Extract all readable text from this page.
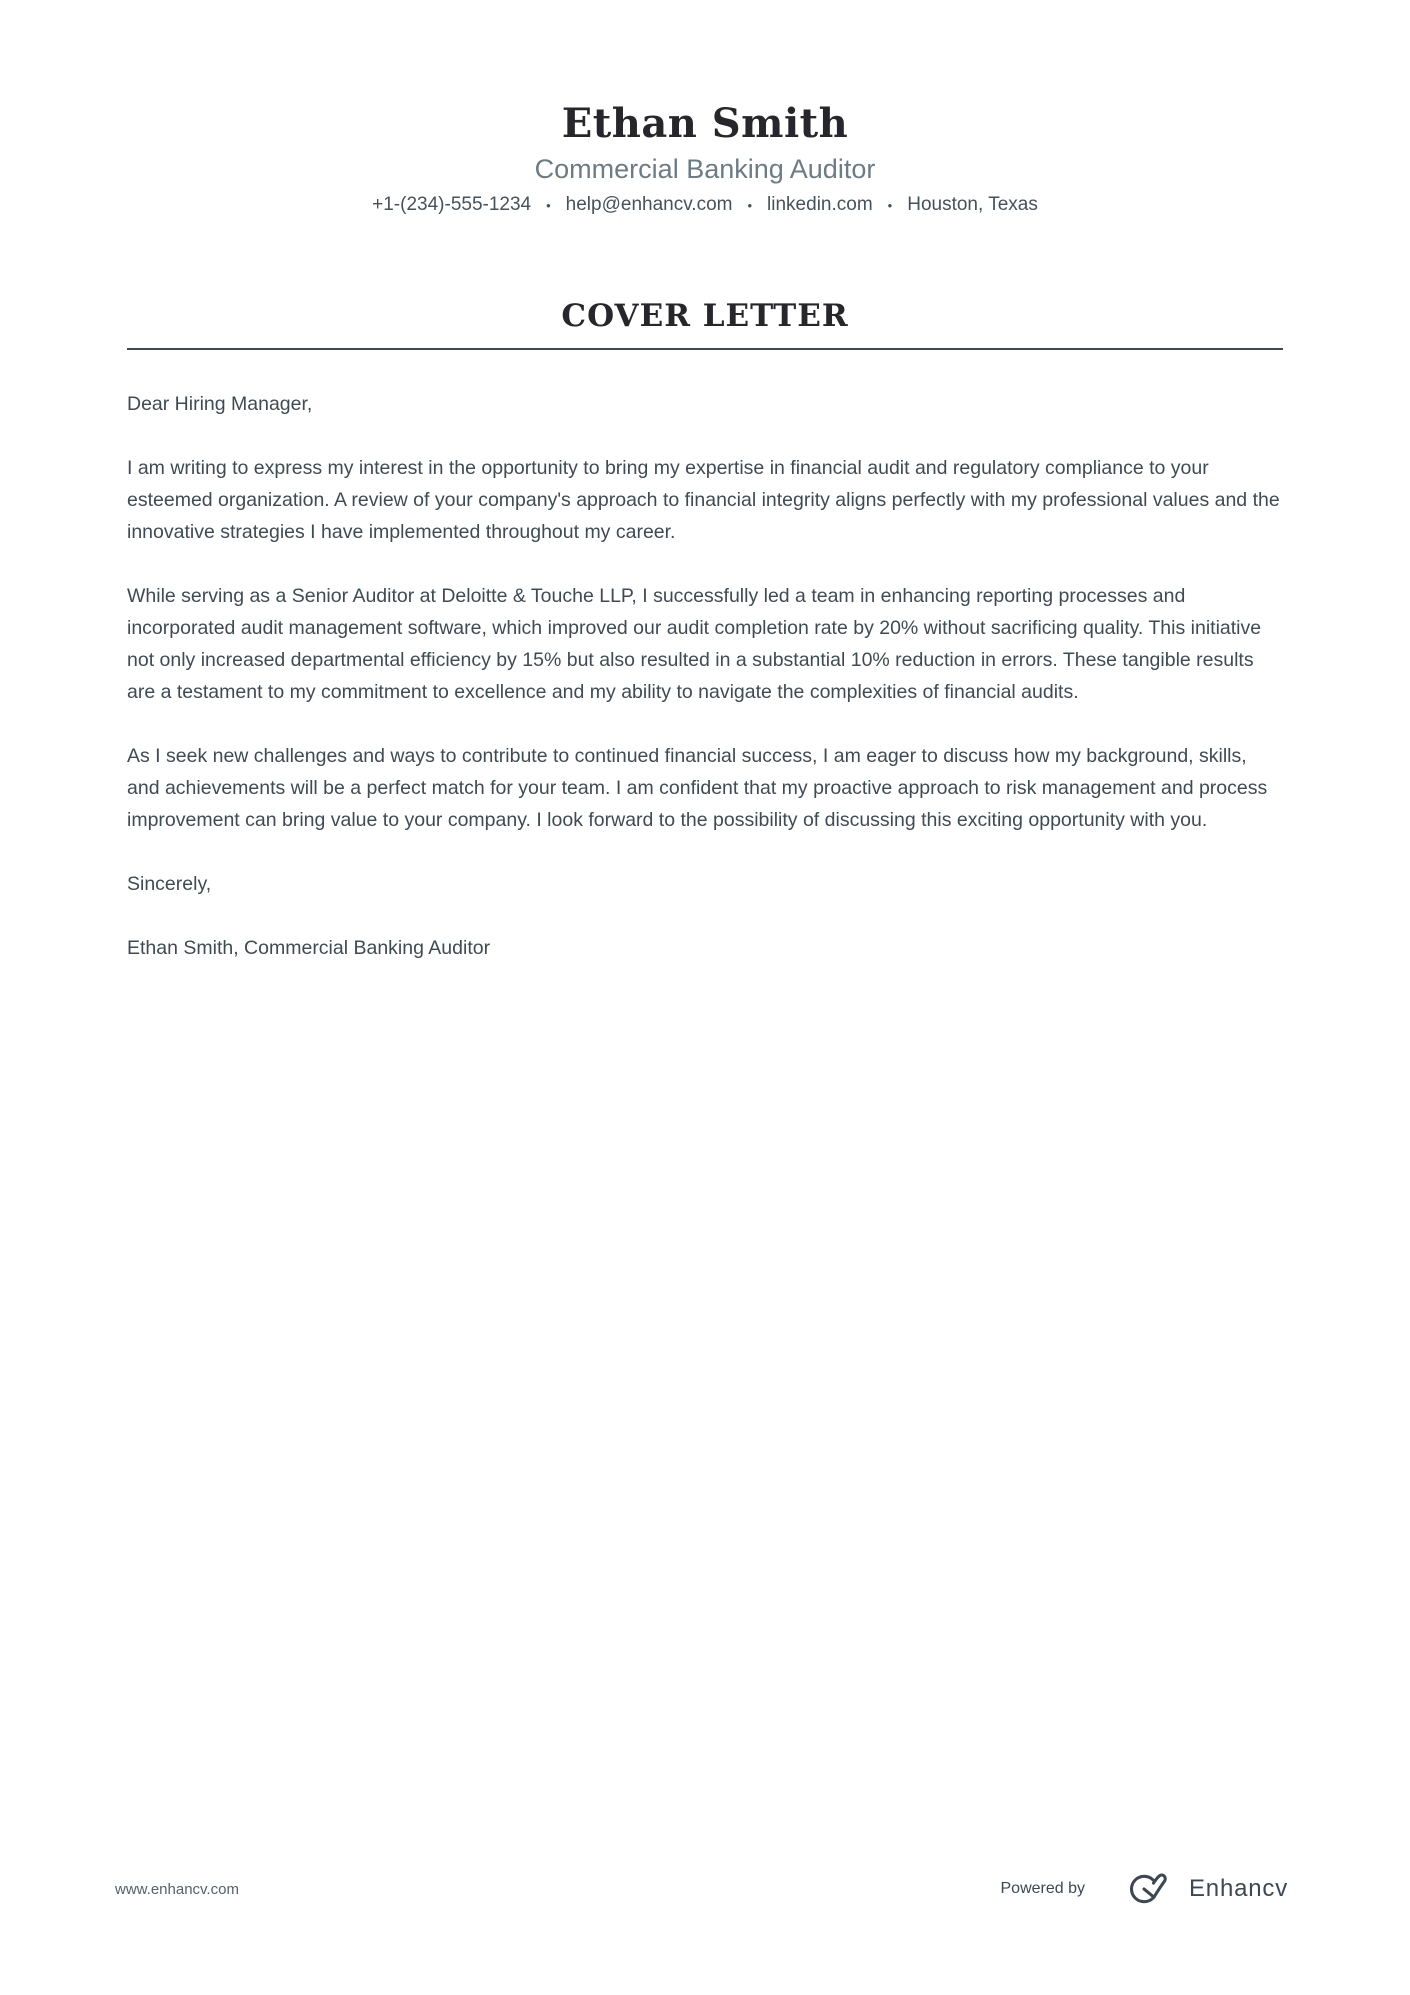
Ethan Smith
Commercial Banking Auditor
+1-(234)-555-1234 • help@enhancv.com • linkedin.com • Houston, Texas
COVER LETTER

Dear Hiring Manager,

I am writing to express my interest in the opportunity to bring my expertise in financial audit and regulatory compliance to your esteemed organization. A review of your company's approach to financial integrity aligns perfectly with my professional values and the innovative strategies I have implemented throughout my career.

While serving as a Senior Auditor at Deloitte & Touche LLP, I successfully led a team in enhancing reporting processes and incorporated audit management software, which improved our audit completion rate by 20% without sacrificing quality. This initiative not only increased departmental efficiency by 15% but also resulted in a substantial 10% reduction in errors. These tangible results are a testament to my commitment to excellence and my ability to navigate the complexities of financial audits.

As I seek new challenges and ways to contribute to continued financial success, I am eager to discuss how my background, skills, and achievements will be a perfect match for your team. I am confident that my proactive approach to risk management and process improvement can bring value to your company. I look forward to the possibility of discussing this exciting opportunity with you.

Sincerely,

Ethan Smith, Commercial Banking Auditor

www.enhancv.com	Powered by	Enhancv
